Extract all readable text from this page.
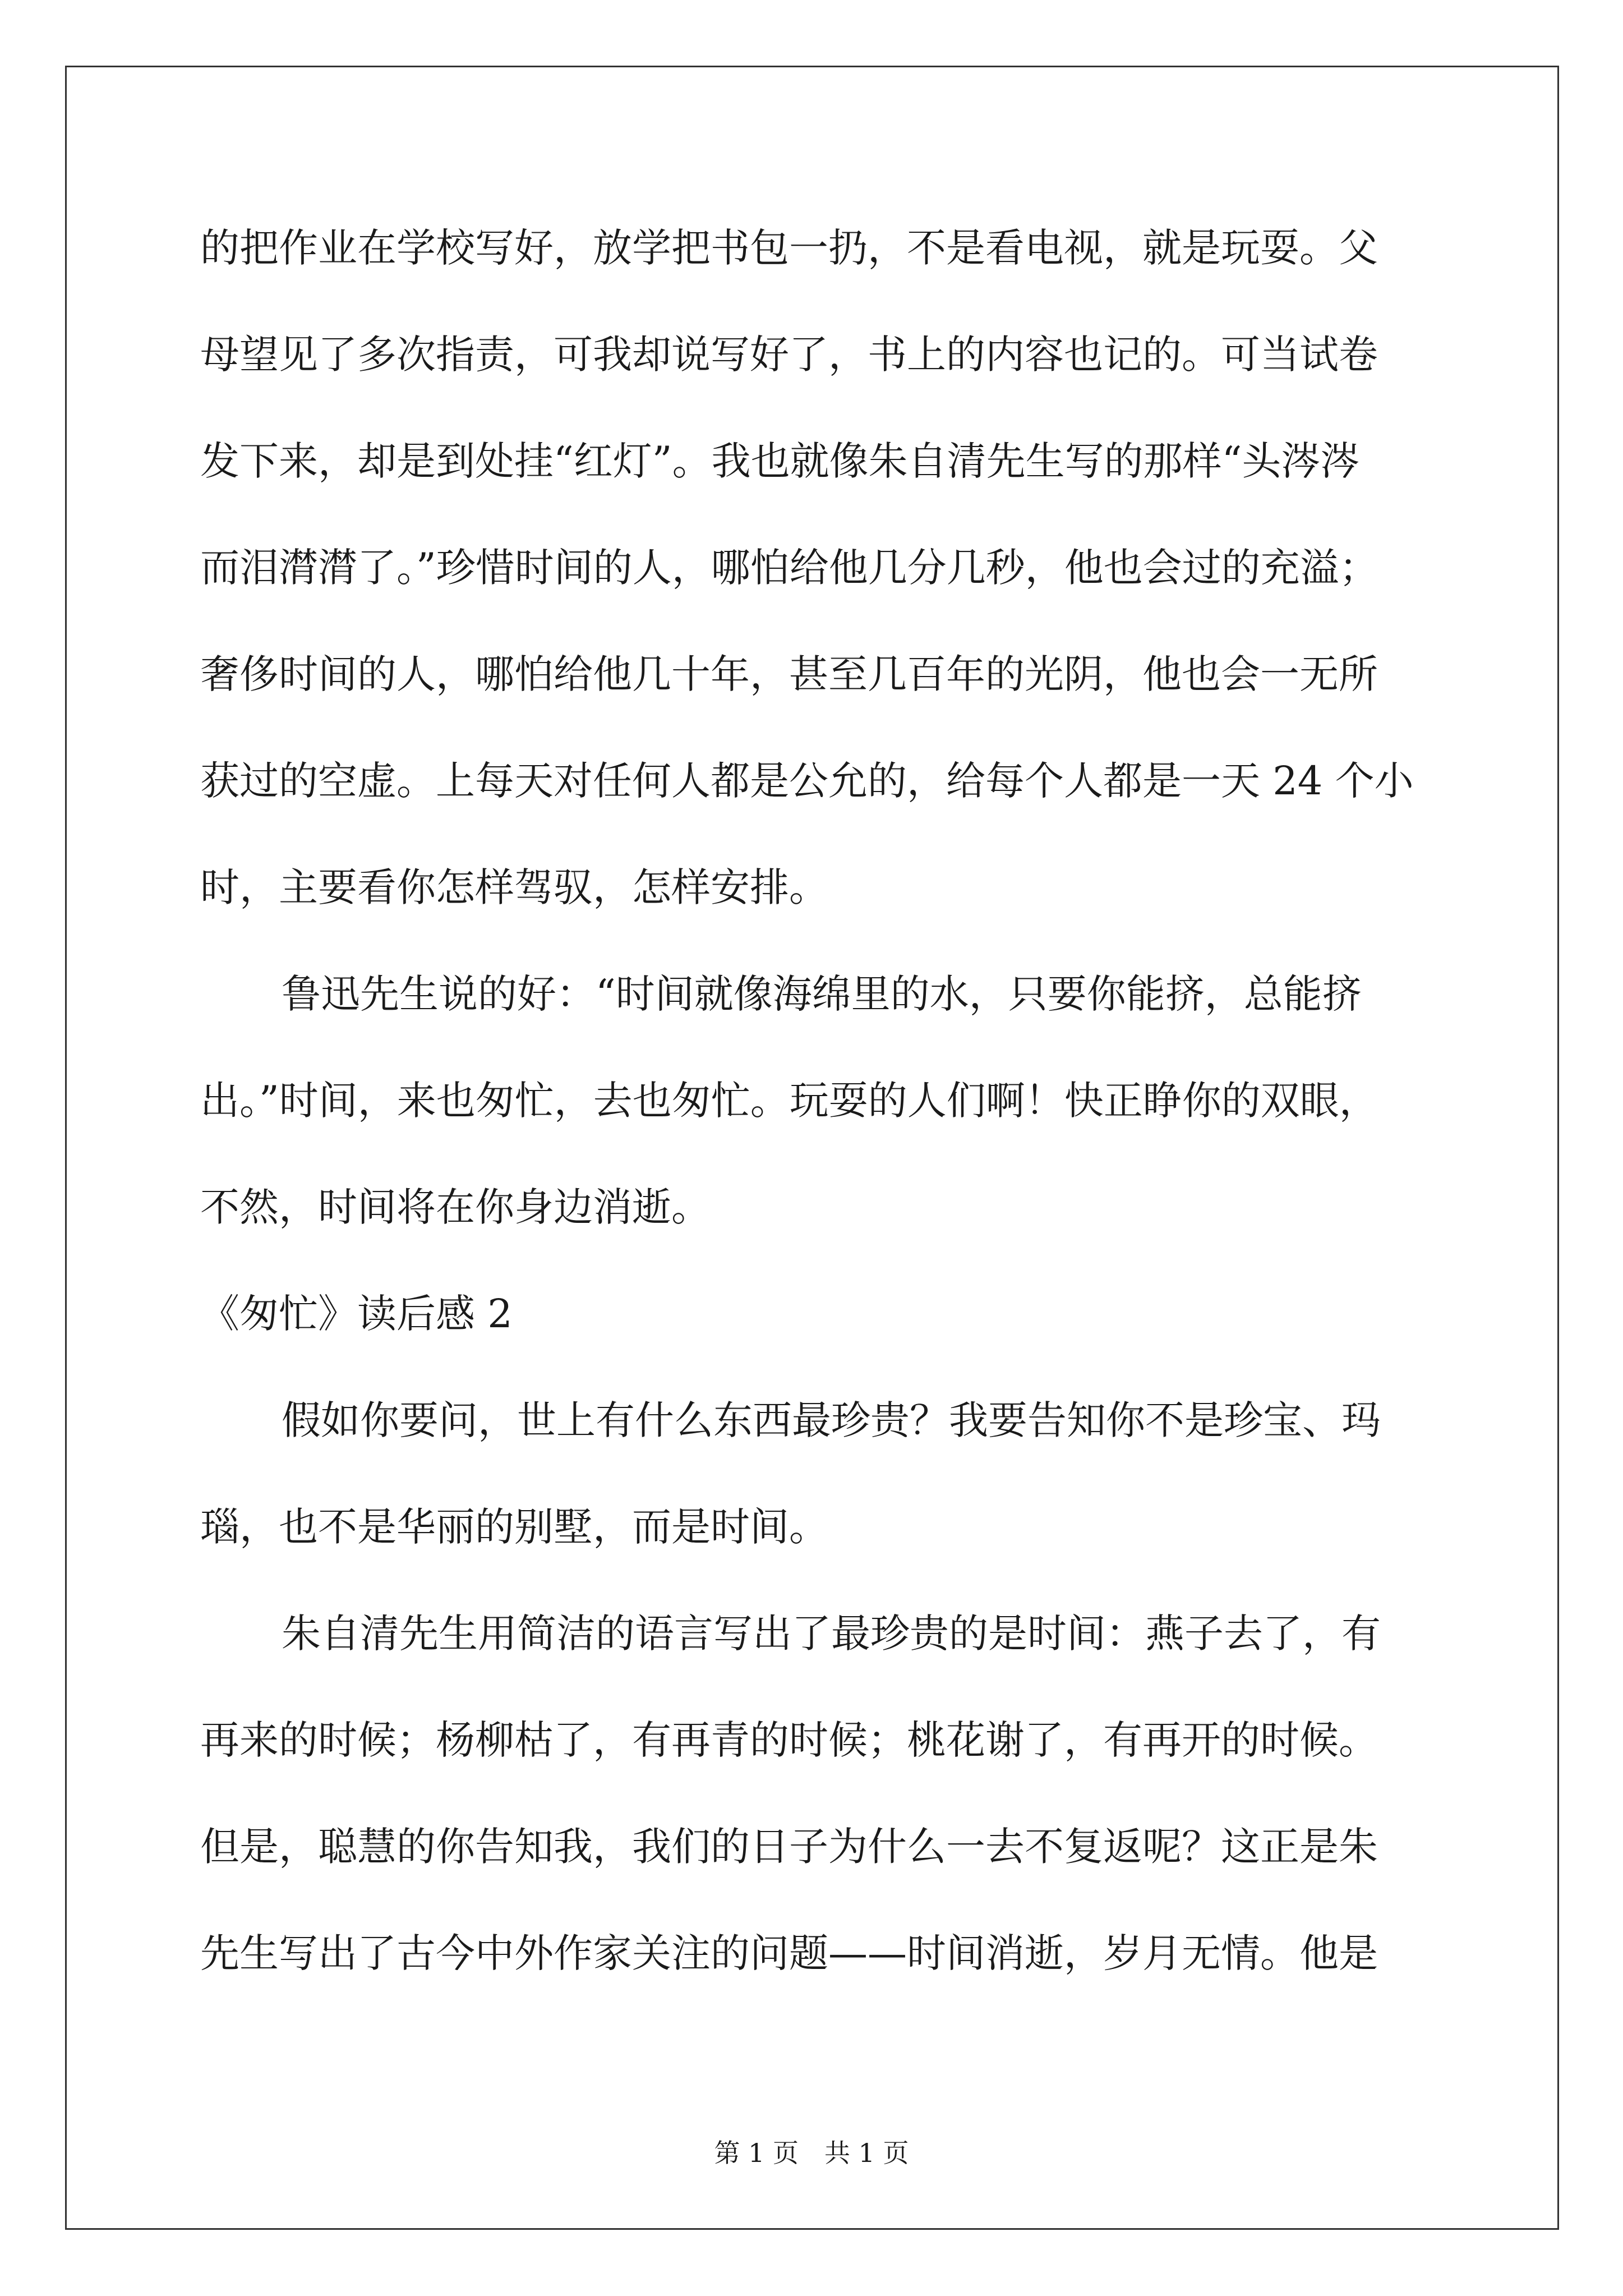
的把作业在学校写好，放学把书包一扔，不是看电视，就是玩耍。父
母望见了多次指责，可我却说写好了，书上的内容也记的。可当试卷
发下来，却是到处挂“红灯”。我也就像朱自清先生写的那样“头涔涔
而泪潸潸了。”珍惜时间的人，哪怕给他几分几秒，他也会过的充溢；
奢侈时间的人，哪怕给他几十年，甚至几百年的光阴，他也会一无所
获过的空虚。上每天对任何人都是公允的，给每个人都是一天 24 个小
时，主要看你怎样驾驭，怎样安排。
鲁迅先生说的好：“时间就像海绵里的水，只要你能挤，总能挤
出。”时间，来也匆忙，去也匆忙。玩耍的人们啊！快正睁你的双眼，
不然，时间将在你身边消逝。
《匆忙》读后感 2
假如你要问，世上有什么东西最珍贵？我要告知你不是珍宝、玛
瑙，也不是华丽的别墅，而是时间。
朱自清先生用简洁的语言写出了最珍贵的是时间：燕子去了，有
再来的时候；杨柳枯了，有再青的时候；桃花谢了，有再开的时候。
但是，聪慧的你告知我，我们的日子为什么一去不复返呢？这正是朱
先生写出了古今中外作家关注的问题——时间消逝，岁月无情。他是
第 1 页　共 1 页
